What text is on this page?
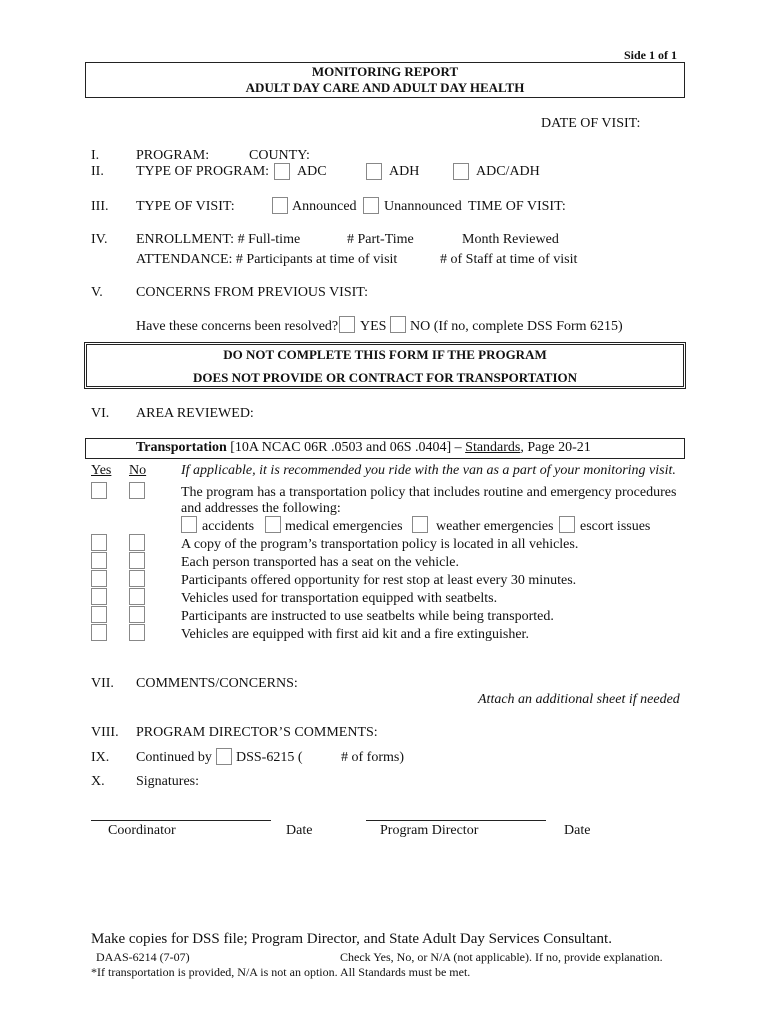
Side 1 of 1
MONITORING REPORT
ADULT DAY CARE AND ADULT DAY HEALTH
DATE OF VISIT:
I.	PROGRAM:	COUNTY:
II. TYPE OF PROGRAM: ADC	ADH	ADC/ADH
III. TYPE OF VISIT:	Announced Unannounced TIME OF VISIT:
IV. ENROLLMENT: # Full-time	# Part-Time	Month Reviewed
ATTENDANCE: # Participants at time of visit	# of Staff at time of visit
V. CONCERNS FROM PREVIOUS VISIT:
Have these concerns been resolved? YES NO (If no, complete DSS Form 6215)
DO NOT COMPLETE THIS FORM IF THE PROGRAM
DOES NOT PROVIDE OR CONTRACT FOR TRANSPORTATION
VI. AREA REVIEWED:
Transportation [10A NCAC 06R .0503 and 06S .0404] – Standards, Page 20-21
Yes No If applicable, it is recommended you ride with the van as a part of your monitoring visit.
The program has a transportation policy that includes routine and emergency procedures
and addresses the following:
accidents medical emergencies weather emergencies escort issues
A copy of the program’s transportation policy is located in all vehicles.
Each person transported has a seat on the vehicle.
Participants offered opportunity for rest stop at least every 30 minutes.
Vehicles used for transportation equipped with seatbelts.
Participants are instructed to use seatbelts while being transported.
Vehicles are equipped with first aid kit and a fire extinguisher.
VII. COMMENTS/CONCERNS:
Attach an additional sheet if needed
VIII. PROGRAM DIRECTOR’S COMMENTS:
IX. Continued by DSS-6215 (	# of forms)
X. Signatures:
Coordinator	Date	Program Director	Date
Make copies for DSS file; Program Director, and State Adult Day Services Consultant.
DAAS-6214 (7-07)	Check Yes, No, or N/A (not applicable). If no, provide explanation.
*If transportation is provided, N/A is not an option. All Standards must be met.
